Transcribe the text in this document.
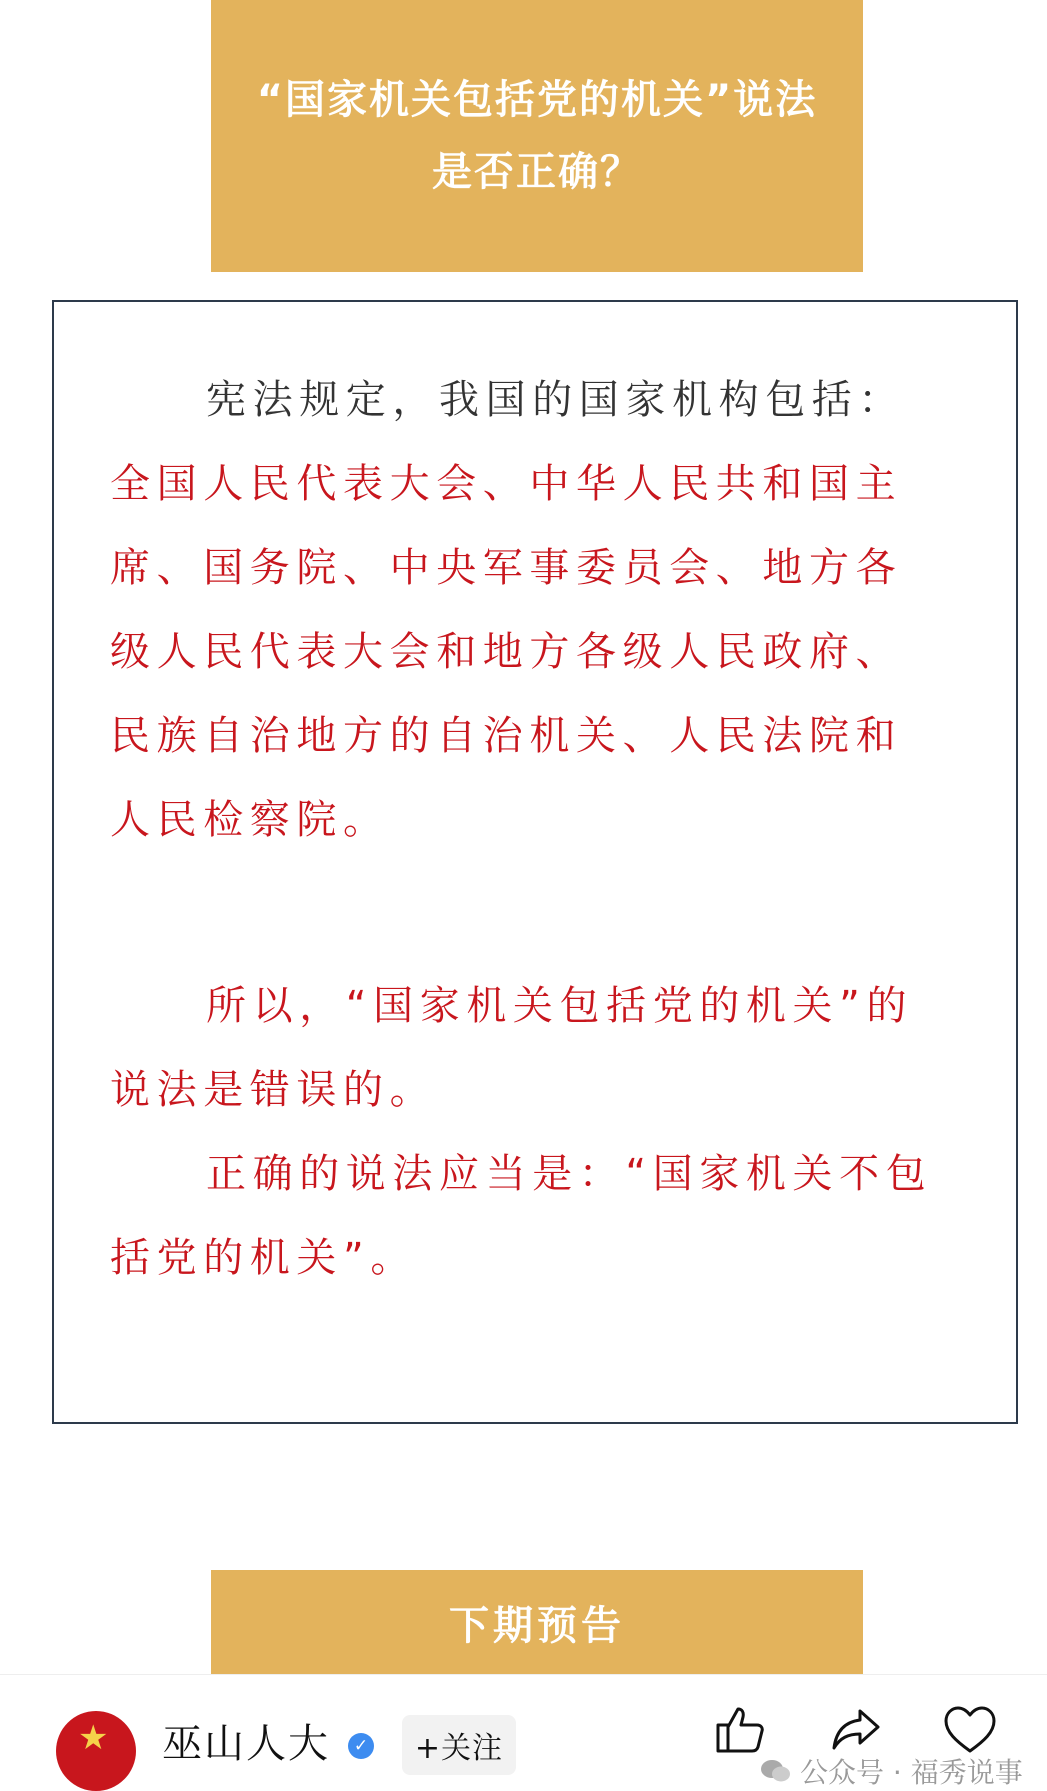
“国家机关包括党的机关”说法
是否正确？

宪法规定，我国的国家机构包括：

全国人民代表大会、中华人民共和国主

席、国务院、中央军事委员会、地方各

级人民代表大会和地方各级人民政府、

民族自治地方的自治机关、人民法院和

人民检察院。

所以，“国家机关包括党的机关”的

说法是错误的。

正确的说法应当是：“国家机关不包

括党的机关”。

下期预告
★ 巫山人大	✓	+关注
公众号 · 福秀说事
